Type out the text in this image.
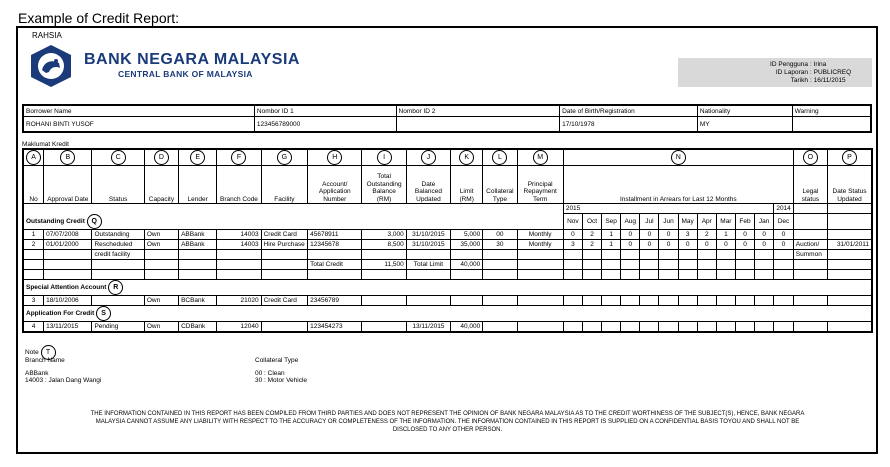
Example of Credit Report:
RAHSIA
BANK NEGARA MALAYSIA
CENTRAL BANK OF MALAYSIA
ID Pengguna : Irina
ID Laporan : PUBLICREQ
Tarikh : 16/11/2015
Borrower Name	Nombor ID 1	Nombor ID 2	Date of Birth/Registration	Nationality	Warning
ROHANI BINTI YUSOF	123456789000		17/10/1978	MY	
Maklumat Kredit
A	B	C	D	E	F	G	H	I	J	K	L	M	N												O	P
No	Approval Date	Status	Capacity	Lender	Branch Code	Facility	Account/ Application Number	Total Outstanding Balance (RM)	Date Balanced Updated	Limit (RM)	Collateral Type	Principal Repayment Term	Installment in Arrears for Last 12 Months												Legal status	Date Status Updated
													2015											2014		
Outstanding Credit Q													Nov	Oct	Sep	Aug	Jul	Jun	May	Apr	Mar	Feb	Jan	Dec		
1	07/07/2008	Outstanding	Own	ABBank	14003	Credit Card	45678911	3,000	31/10/2015	5,000	00	Monthly	0	2	1	0	0	0	3	2	1	0	0	0		
2	01/01/2000	Rescheduled	Own	ABBank	14003	Hire Purchase	12345678	8,500	31/10/2015	35,000	30	Monthly	3	2	1	0	0	0	0	0	0	0	0	0	Auction/	31/01/2011
		credit facility																							Summon	
							Total Credit	11,500	Total Limit	40,000																

Special Attention Account R																										
3	18/10/2006		Own	BCBank	21020	Credit Card	23456789																			
Application For Credit S																										
4	13/11/2015	Pending	Own	CDBank	12040		123454273		13/11/2015	40,000																
Note T
Branch Name
ABBank
14003 : Jalan Dang Wangi
Collateral Type
00 : Clean
30 : Motor Vehicle
THE INFORMATION CONTAINED IN THIS REPORT HAS BEEN COMPILED FROM THIRD PARTIES AND DOES NOT REPRESENT THE OPINION OF BANK NEGARA MALAYSIA AS TO THE CREDIT WORTHINESS OF THE SUBJECT(S), HENCE, BANK NEGARA MALAYSIA CANNOT ASSUME ANY LIABILITY WITH RESPECT TO THE ACCURACY OR COMPLETENESS OF THE INFORMATION. THE INFORMATION CONTAINED IN THIS REPORT IS SUPPLIED ON A CONFIDENTIAL BASIS TOYOU AND SHALL NOT BE DISCLOSED TO ANY OTHER PERSON.
